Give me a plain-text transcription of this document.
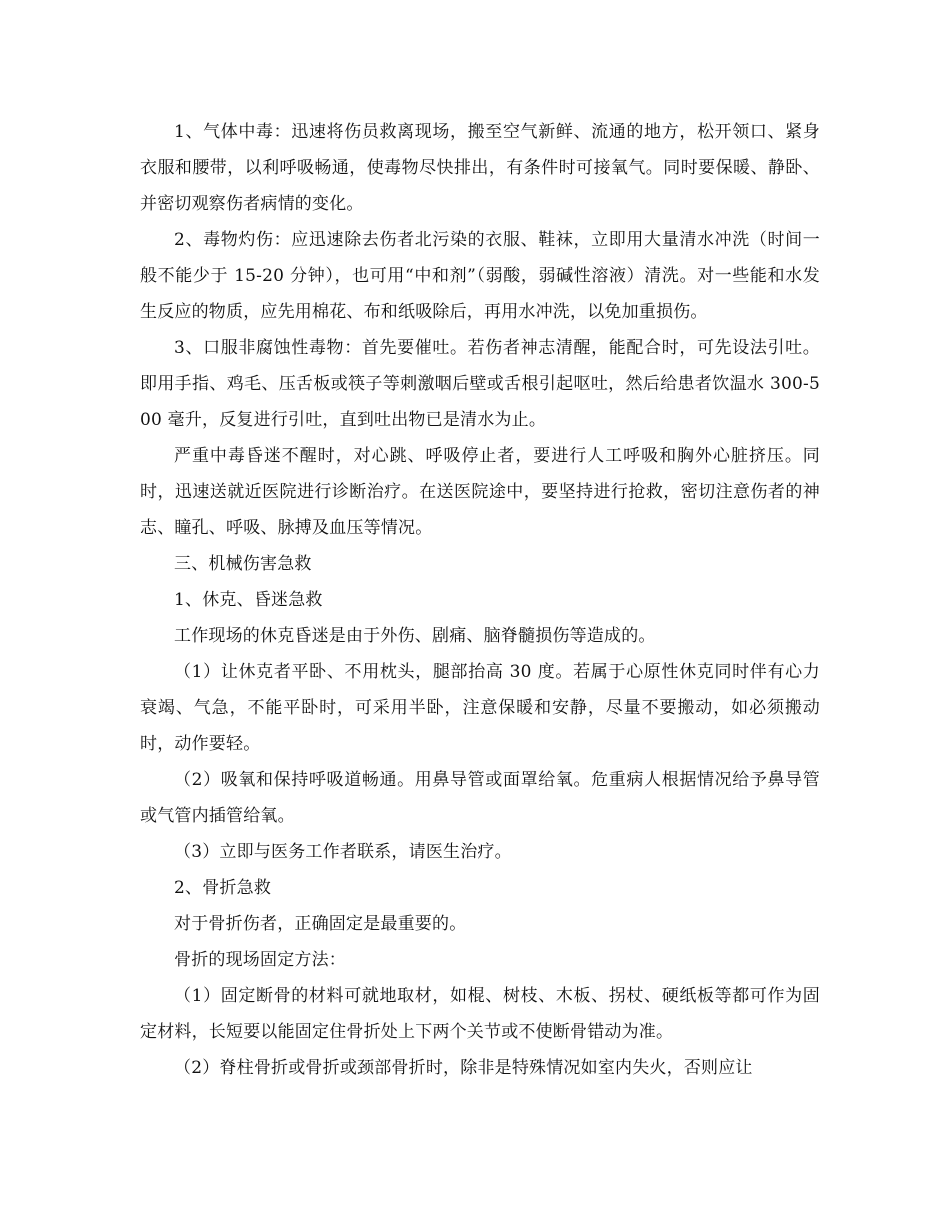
1、气体中毒：迅速将伤员救离现场，搬至空气新鲜、流通的地方，松开领口、紧身衣服和腰带，以利呼吸畅通，使毒物尽快排出，有条件时可接氧气。同时要保暖、静卧、并密切观察伤者病情的变化。

2、毒物灼伤：应迅速除去伤者北污染的衣服、鞋袜，立即用大量清水冲洗（时间一般不能少于 15-20 分钟），也可用“中和剂”（弱酸，弱碱性溶液）清洗。对一些能和水发生反应的物质，应先用棉花、布和纸吸除后，再用水冲洗，以免加重损伤。

3、口服非腐蚀性毒物：首先要催吐。若伤者神志清醒，能配合时，可先设法引吐。即用手指、鸡毛、压舌板或筷子等刺激咽后壁或舌根引起呕吐，然后给患者饮温水 300-500 毫升，反复进行引吐，直到吐出物已是清水为止。

严重中毒昏迷不醒时，对心跳、呼吸停止者，要进行人工呼吸和胸外心脏挤压。同时，迅速送就近医院进行诊断治疗。在送医院途中，要坚持进行抢救，密切注意伤者的神志、瞳孔、呼吸、脉搏及血压等情况。

三、机械伤害急救

1、休克、昏迷急救

工作现场的休克昏迷是由于外伤、剧痛、脑脊髓损伤等造成的。

（1）让休克者平卧、不用枕头，腿部抬高 30 度。若属于心原性休克同时伴有心力衰竭、气急，不能平卧时，可采用半卧，注意保暖和安静，尽量不要搬动，如必须搬动时，动作要轻。

（2）吸氧和保持呼吸道畅通。用鼻导管或面罩给氧。危重病人根据情况给予鼻导管或气管内插管给氧。

（3）立即与医务工作者联系，请医生治疗。

2、骨折急救

对于骨折伤者，正确固定是最重要的。

骨折的现场固定方法：

（1）固定断骨的材料可就地取材，如棍、树枝、木板、拐杖、硬纸板等都可作为固定材料，长短要以能固定住骨折处上下两个关节或不使断骨错动为准。

（2）脊柱骨折或骨折或颈部骨折时，除非是特殊情况如室内失火，否则应让
